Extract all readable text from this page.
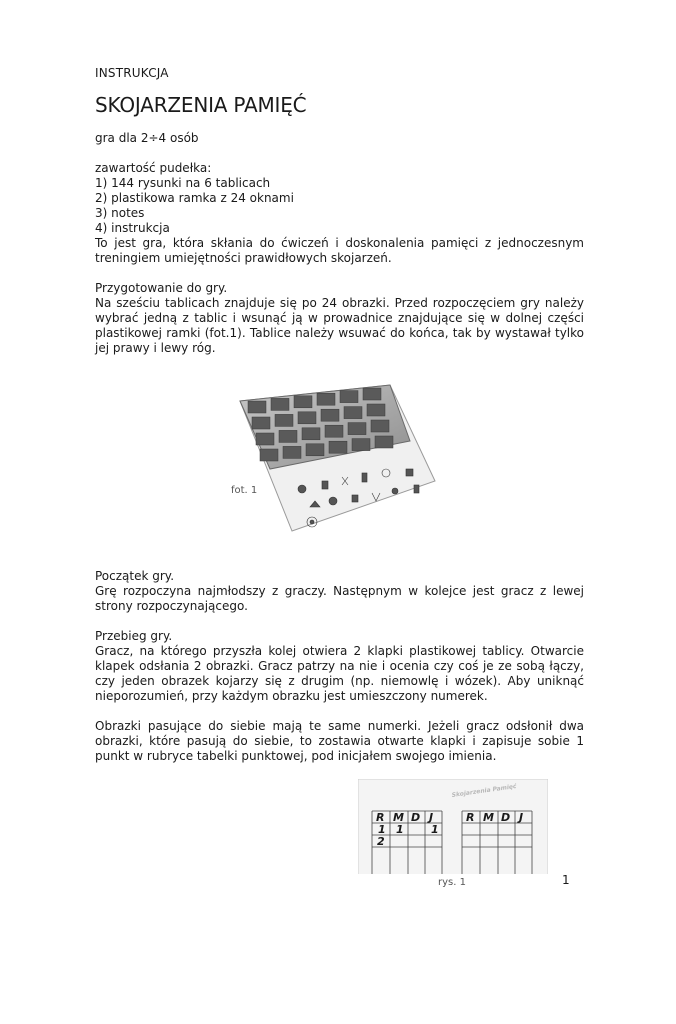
INSTRUKCJA

SKOJARZENIA PAMIĘĆ

gra dla 2÷4 osób

zawartość pudełka:

1) 144 rysunki na 6 tablicach

2) plastikowa ramka z 24 oknami

3) notes

4) instrukcja

To jest gra, która skłania do ćwiczeń i doskonalenia pamięci z jednoczesnym treningiem umiejętności prawidłowych skojarzeń.

Przygotowanie do gry.

Na sześciu tablicach znajduje się po 24 obrazki. Przed rozpoczęciem gry należy wybrać jedną z tablic i wsunąć ją w prowadnice znajdujące się w dolnej części plastikowej ramki (fot.1). Tablice należy wsuwać do końca, tak by wystawał tylko jej prawy i lewy róg.

fot. 1

Początek gry.

Grę rozpoczyna najmłodszy z graczy. Następnym w kolejce jest gracz z lewej strony rozpoczynającego.

Przebieg gry.

Gracz, na którego przyszła kolej otwiera 2 klapki plastikowej tablicy. Otwarcie klapek odsłania 2 obrazki. Gracz patrzy na nie i ocenia czy coś je ze sobą łączy, czy jeden obrazek kojarzy się z drugim (np. niemowlę i wózek). Aby uniknąć nieporozumień, przy każdym obrazku jest umieszczony numerek.

Obrazki pasujące do siebie mają te same numerki. Jeżeli gracz odsłonił dwa obrazki, które pasują do siebie, to zostawia otwarte klapki i zapisuje sobie 1 punkt w rubryce tabelki punktowej, pod inicjałem swojego imienia.

Skojarzenia Pamięć
R M D J	R M D J
1 1 1
2
rys. 1	1
